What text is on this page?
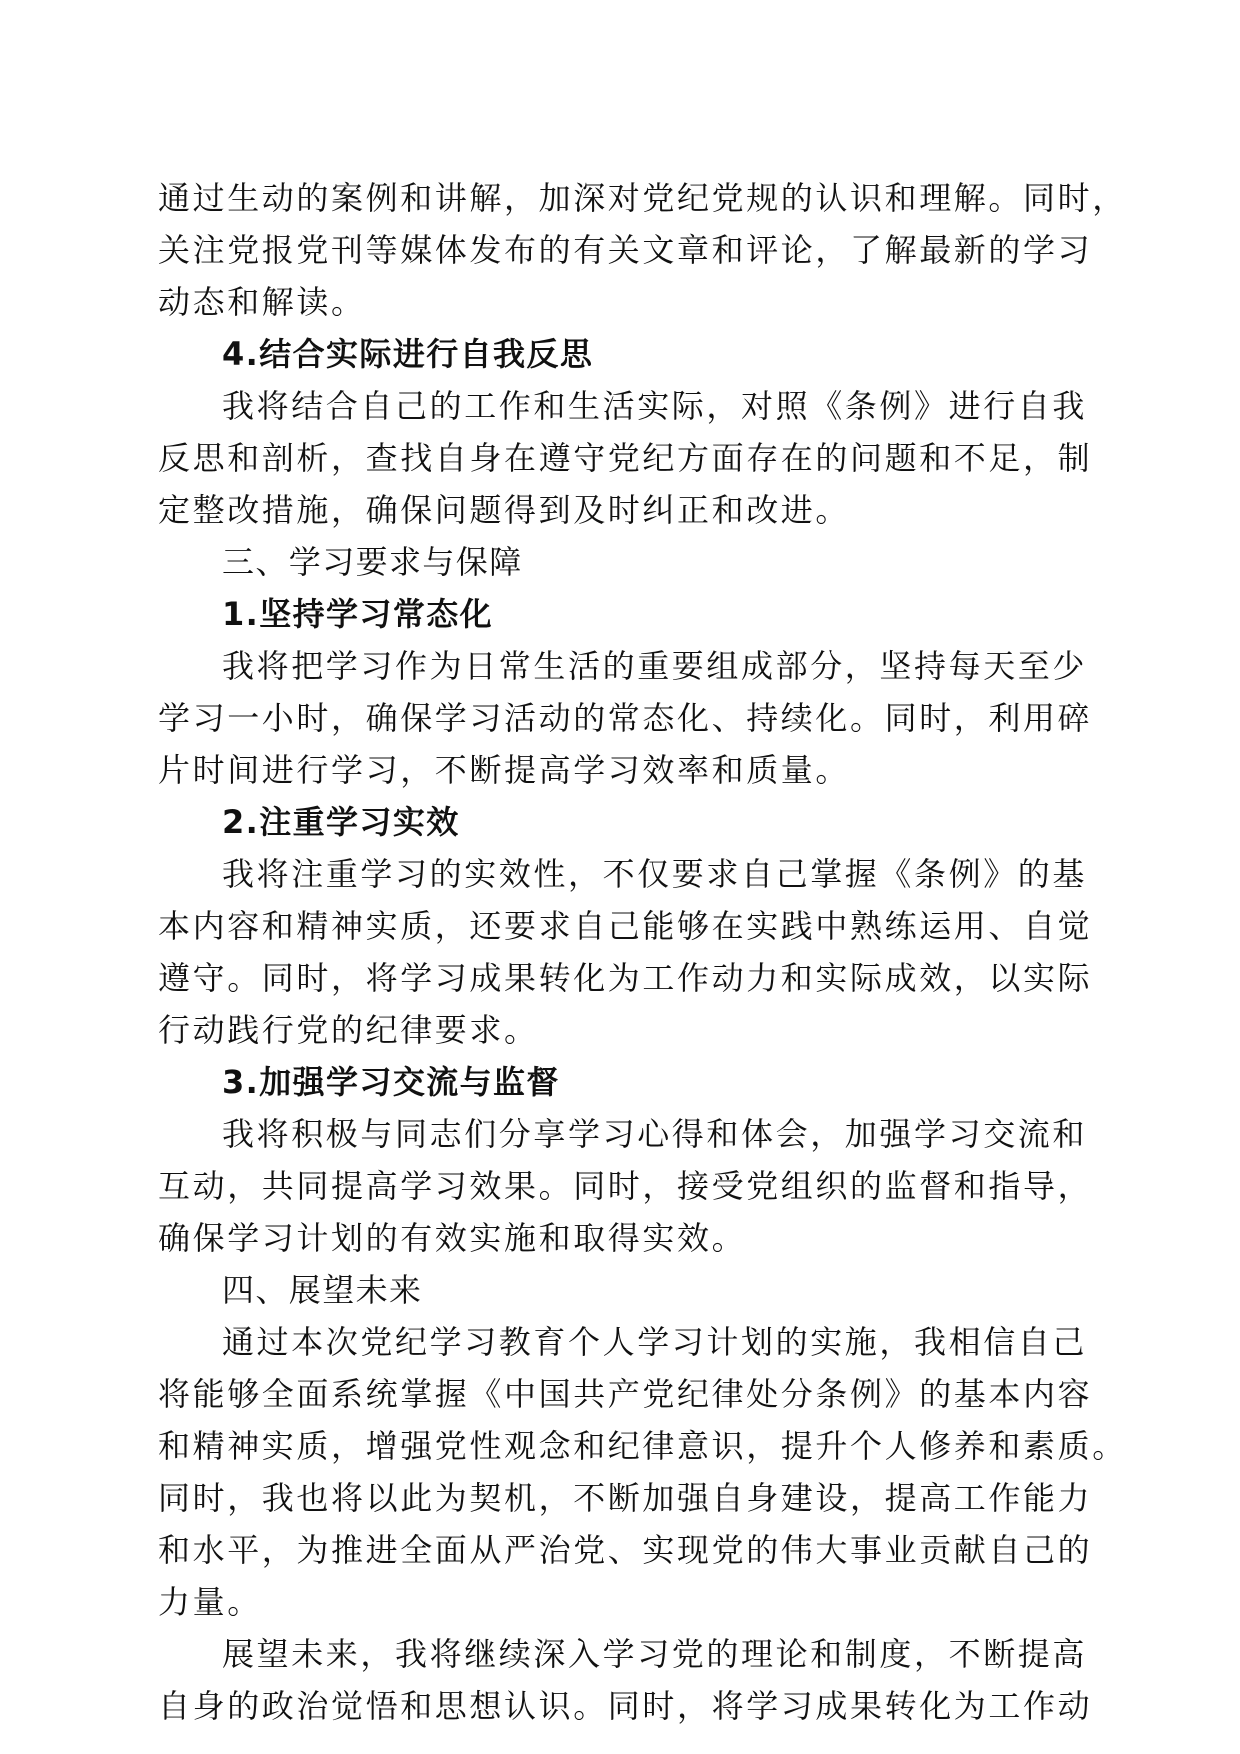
通过生动的案例和讲解，加深对党纪党规的认识和理解。同时，
关注党报党刊等媒体发布的有关文章和评论，了解最新的学习
动态和解读。
4.结合实际进行自我反思
我将结合自己的工作和生活实际，对照《条例》进行自我
反思和剖析，查找自身在遵守党纪方面存在的问题和不足，制
定整改措施，确保问题得到及时纠正和改进。
三、学习要求与保障
1.坚持学习常态化
我将把学习作为日常生活的重要组成部分，坚持每天至少
学习一小时，确保学习活动的常态化、持续化。同时，利用碎
片时间进行学习，不断提高学习效率和质量。
2.注重学习实效
我将注重学习的实效性，不仅要求自己掌握《条例》的基
本内容和精神实质，还要求自己能够在实践中熟练运用、自觉
遵守。同时，将学习成果转化为工作动力和实际成效，以实际
行动践行党的纪律要求。
3.加强学习交流与监督
我将积极与同志们分享学习心得和体会，加强学习交流和
互动，共同提高学习效果。同时，接受党组织的监督和指导，
确保学习计划的有效实施和取得实效。
四、展望未来
通过本次党纪学习教育个人学习计划的实施，我相信自己
将能够全面系统掌握《中国共产党纪律处分条例》的基本内容
和精神实质，增强党性观念和纪律意识，提升个人修养和素质。
同时，我也将以此为契机，不断加强自身建设，提高工作能力
和水平，为推进全面从严治党、实现党的伟大事业贡献自己的
力量。
展望未来，我将继续深入学习党的理论和制度，不断提高
自身的政治觉悟和思想认识。同时，将学习成果转化为工作动
